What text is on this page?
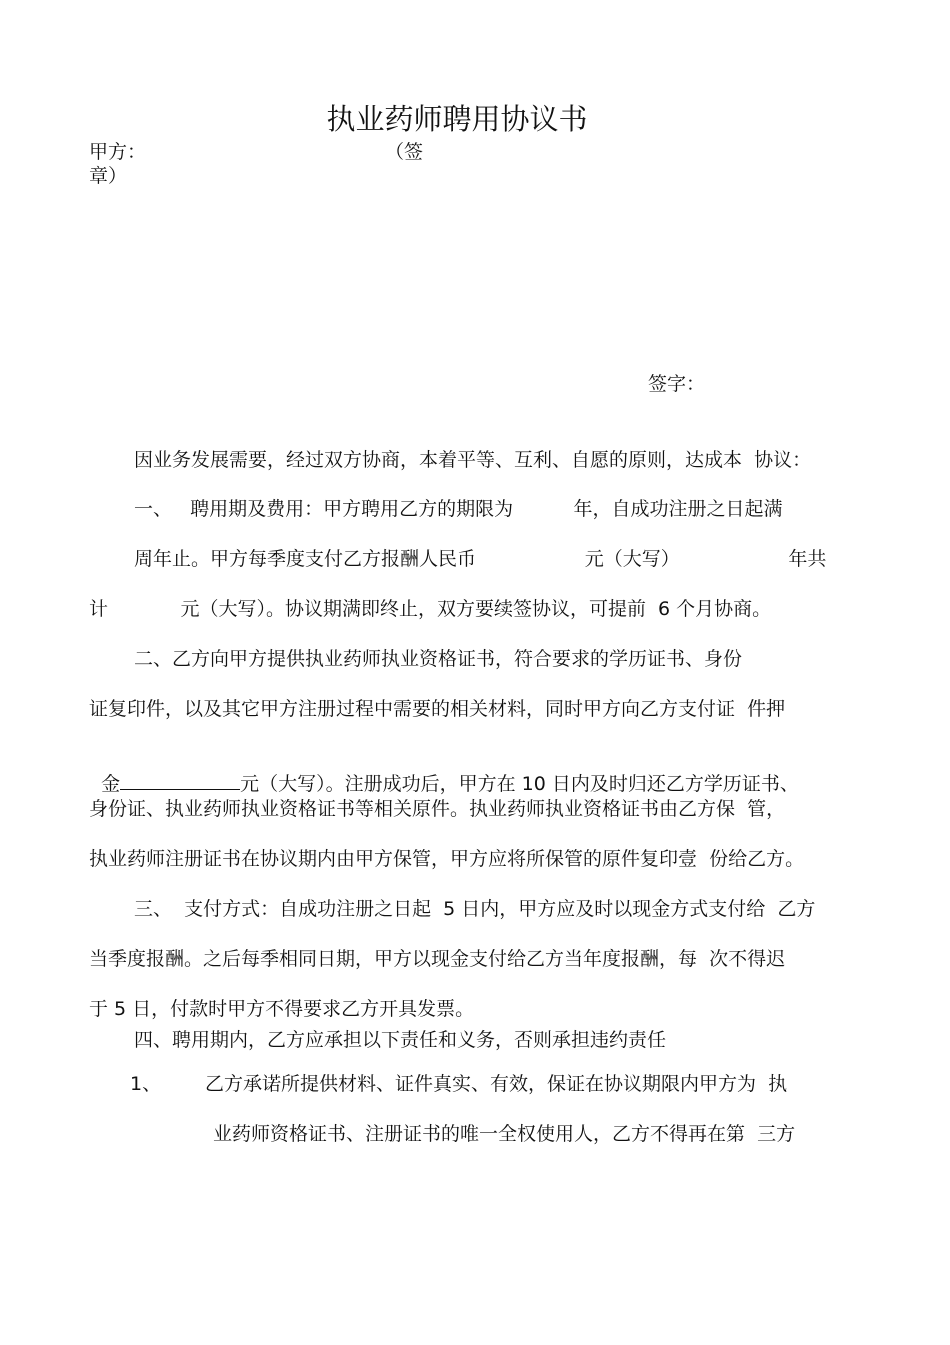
执业药师聘用协议书
甲方：	（签
章）
签字：
因业务发展需要，经过双方协商，本着平等、互利、自愿的原则，达成本  协议：
一、   聘用期及费用：甲方聘用乙方的期限为          年，自成功注册之日起满
周年止。甲方每季度支付乙方报酬人民币                  元（大写）                  年共
计            元（大写）。协议期满即终止，双方要续签协议，可提前  6 个月协商。
二、乙方向甲方提供执业药师执业资格证书，符合要求的学历证书、身份
证复印件，以及其它甲方注册过程中需要的相关材料，同时甲方向乙方支付证  件押

金	元（大写）。注册成功后，甲方在 10 日内及时归还乙方学历证书、

身份证、执业药师执业资格证书等相关原件。执业药师执业资格证书由乙方保  管，
执业药师注册证书在协议期内由甲方保管，甲方应将所保管的原件复印壹  份给乙方。
三、  支付方式：自成功注册之日起  5 日内，甲方应及时以现金方式支付给  乙方
当季度报酬。之后每季相同日期，甲方以现金支付给乙方当年度报酬，每  次不得迟
于 5 日，付款时甲方不得要求乙方开具发票。
四、聘用期内，乙方应承担以下责任和义务，否则承担违约责任
1、 乙方承诺所提供材料、证件真实、有效，保证在协议期限内甲方为  执
业药师资格证书、注册证书的唯一全权使用人，乙方不得再在第  三方
